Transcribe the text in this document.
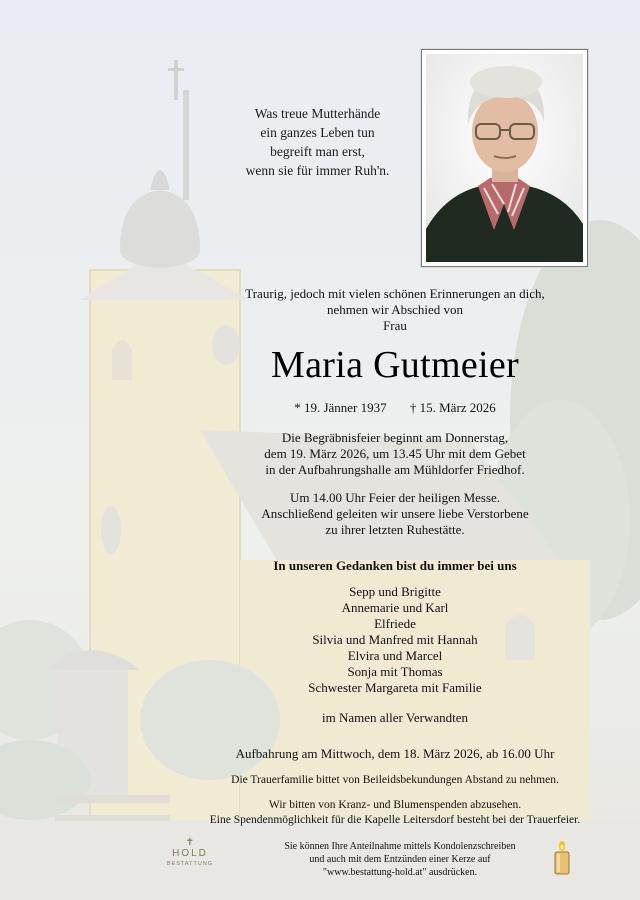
Was treue Mutterhände
ein ganzes Leben tun
begreift man erst,
wenn sie für immer Ruh'n.
Traurig, jedoch mit vielen schönen Erinnerungen an dich,
nehmen wir Abschied von
Frau
Maria Gutmeier
* 19. Jänner 1937 † 15. März 2026
Die Begräbnisfeier beginnt am Donnerstag,
dem 19. März 2026, um 13.45 Uhr mit dem Gebet
in der Aufbahrungshalle am Mühldorfer Friedhof.
Um 14.00 Uhr Feier der heiligen Messe.
Anschließend geleiten wir unsere liebe Verstorbene
zu ihrer letzten Ruhestätte.
In unseren Gedanken bist du immer bei uns
Sepp und Brigitte
Annemarie und Karl
Elfriede
Silvia und Manfred mit Hannah
Elvira und Marcel
Sonja mit Thomas
Schwester Margareta mit Familie
im Namen aller Verwandten
Aufbahrung am Mittwoch, dem 18. März 2026, ab 16.00 Uhr
Die Trauerfamilie bittet von Beileidsbekundungen Abstand zu nehmen.
Wir bitten von Kranz- und Blumenspenden abzusehen.
Eine Spendenmöglichkeit für die Kapelle Leitersdorf besteht bei der Trauerfeier.
✝
HOLD
BESTATTUNG
Sie können Ihre Anteilnahme mittels Kondolenzschreiben
und auch mit dem Entzünden einer Kerze auf
"www.bestattung-hold.at" ausdrücken.
